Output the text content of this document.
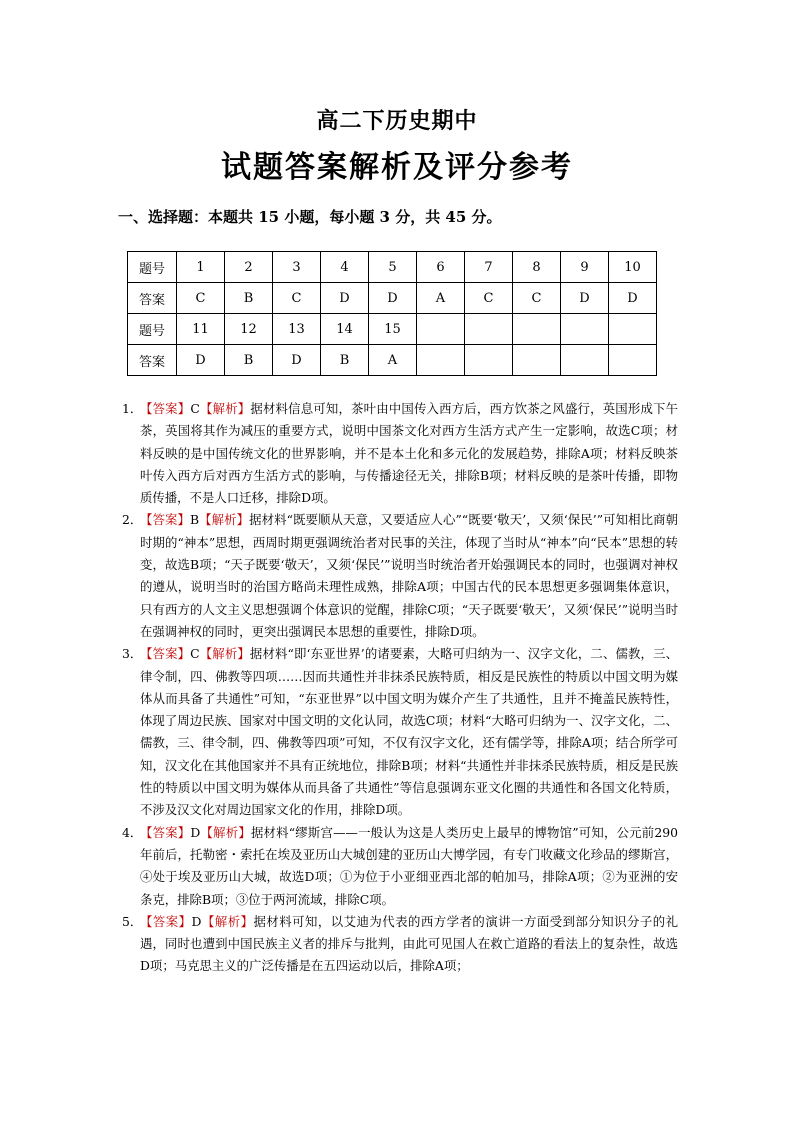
高二下历史期中
试题答案解析及评分参考
一、选择题：本题共 15 小题，每小题 3 分，共 45 分。
题号	1	2	3	4	5	6	7	8	9	10
答案	C	B	C	D	D	A	C	C	D	D
题号	11	12	13	14	15					
答案	D	B	D	B	A					

1．
【答案】C【解析】据材料信息可知，茶叶由中国传入西方后，西方饮茶之风盛行，英国形成下午茶，英国将其作为减压的重要方式，说明中国茶文化对西方生活方式产生一定影响，故选C项；材料反映的是中国传统文化的世界影响，并不是本土化和多元化的发展趋势，排除A项；材料反映茶叶传入西方后对西方生活方式的影响，与传播途径无关，排除B项；材料反映的是茶叶传播，即物质传播，不是人口迁移，排除D项。

2．
【答案】B【解析】据材料“既要顺从天意，又要适应人心”“既要‘敬天’，又须‘保民’”可知相比商朝时期的“神本”思想，西周时期更强调统治者对民事的关注，体现了当时从“神本”向“民本”思想的转变，故选B项；“天子既要‘敬天’，又须‘保民’”说明当时统治者开始强调民本的同时，也强调对神权的遵从，说明当时的治国方略尚未理性成熟，排除A项；中国古代的民本思想更多强调集体意识，只有西方的人文主义思想强调个体意识的觉醒，排除C项；“天子既要‘敬天’，又须‘保民’”说明当时在强调神权的同时，更突出强调民本思想的重要性，排除D项。

3．
【答案】C【解析】据材料“即‘东亚世界’的诸要素，大略可归纳为一、汉字文化，二、儒教，三、律令制，四、佛教等四项……因而共通性并非抹杀民族特质，相反是民族性的特质以中国文明为媒体从而具备了共通性”可知，“东亚世界”以中国文明为媒介产生了共通性，且并不掩盖民族特性，体现了周边民族、国家对中国文明的文化认同，故选C项；材料“大略可归纳为一、汉字文化，二、儒教，三、律令制，四、佛教等四项”可知，不仅有汉字文化，还有儒学等，排除A项；结合所学可知，汉文化在其他国家并不具有正统地位，排除B项；材料“共通性并非抹杀民族特质，相反是民族性的特质以中国文明为媒体从而具备了共通性”等信息强调东亚文化圈的共通性和各国文化特质，不涉及汉文化对周边国家文化的作用，排除D项。

4．
【答案】D【解析】据材料“缪斯宫——一般认为这是人类历史上最早的博物馆”可知，公元前290年前后，托勒密・索托在埃及亚历山大城创建的亚历山大博学园，有专门收藏文化珍品的缪斯宫，④处于埃及亚历山大城，故选D项；①为位于小亚细亚西北部的帕加马，排除A项；②为亚洲的安条克，排除B项；③位于两河流域，排除C项。

5．
【答案】D【解析】据材料可知，以艾迪为代表的西方学者的演讲一方面受到部分知识分子的礼遇，同时也遭到中国民族主义者的排斥与批判，由此可见国人在救亡道路的看法上的复杂性，故选D项；马克思主义的广泛传播是在五四运动以后，排除A项；
